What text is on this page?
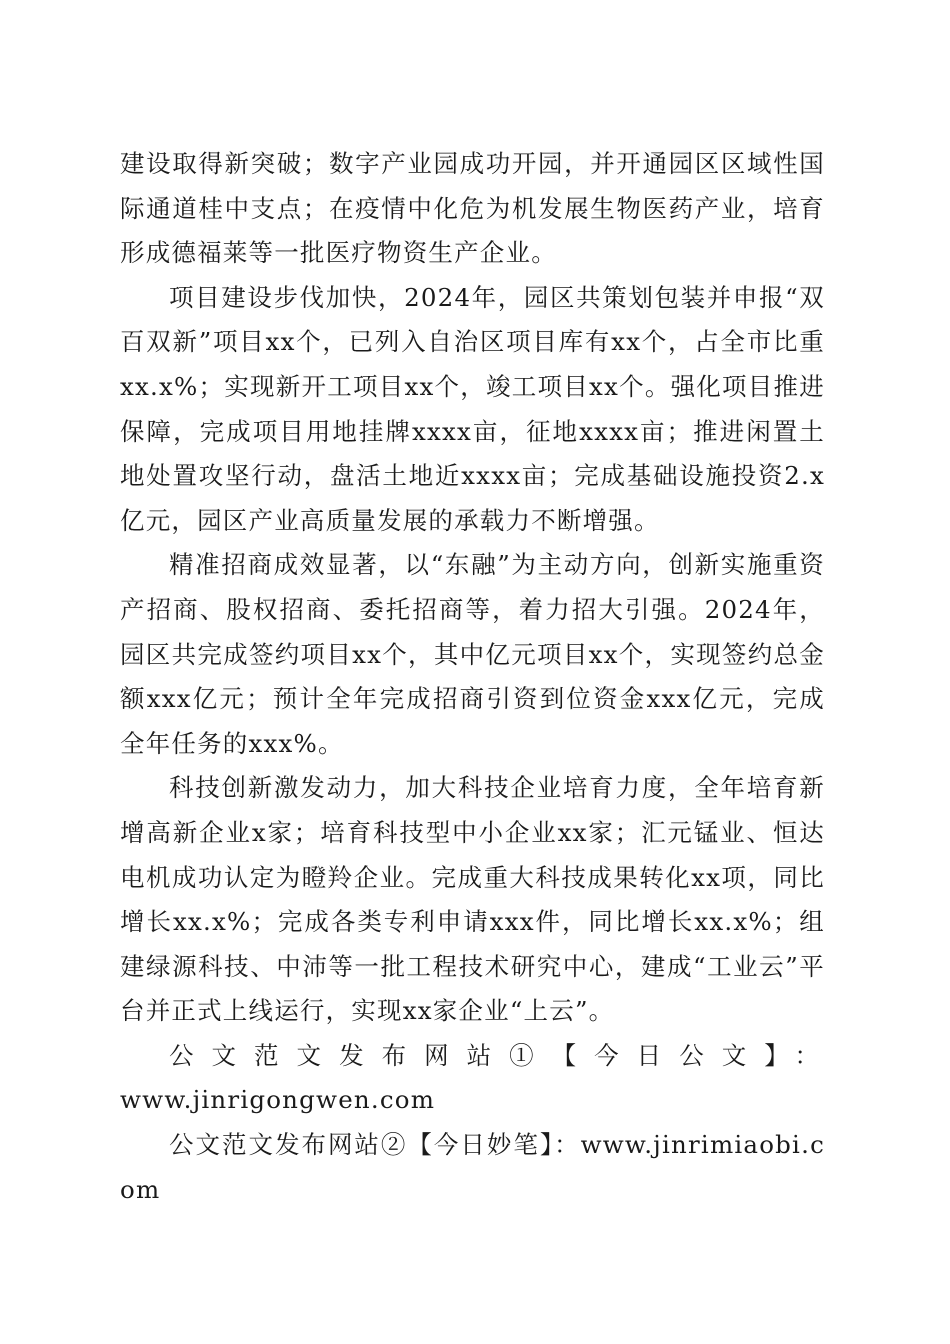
建设取得新突破；数字产业园成功开园，并开通园区区域性国际通道桂中支点；在疫情中化危为机发展生物医药产业，培育形成德福莱等一批医疗物资生产企业。

项目建设步伐加快，2024年，园区共策划包装并申报“双百双新”项目xx个，已列入自治区项目库有xx个，占全市比重xx.x%；实现新开工项目xx个，竣工项目xx个。强化项目推进保障，完成项目用地挂牌xxxx亩，征地xxxx亩；推进闲置土地处置攻坚行动，盘活土地近xxxx亩；完成基础设施投资2.x亿元，园区产业高质量发展的承载力不断增强。

精准招商成效显著，以“东融”为主动方向，创新实施重资产招商、股权招商、委托招商等，着力招大引强。2024年，园区共完成签约项目xx个，其中亿元项目xx个，实现签约总金额xxx亿元；预计全年完成招商引资到位资金xxx亿元，完成全年任务的xxx%。

科技创新激发动力，加大科技企业培育力度，全年培育新增高新企业x家；培育科技型中小企业xx家；汇元锰业、恒达电机成功认定为瞪羚企业。完成重大科技成果转化xx项，同比增长xx.x%；完成各类专利申请xxx件，同比增长xx.x%；组建绿源科技、中沛等一批工程技术研究中心，建成“工业云”平台并正式上线运行，实现xx家企业“上云”。

公文范文发布网站①【今日公文】：

www.jinrigongwen.com

公文范文发布网站②【今日妙笔】：www.jinrimiaobi.com
